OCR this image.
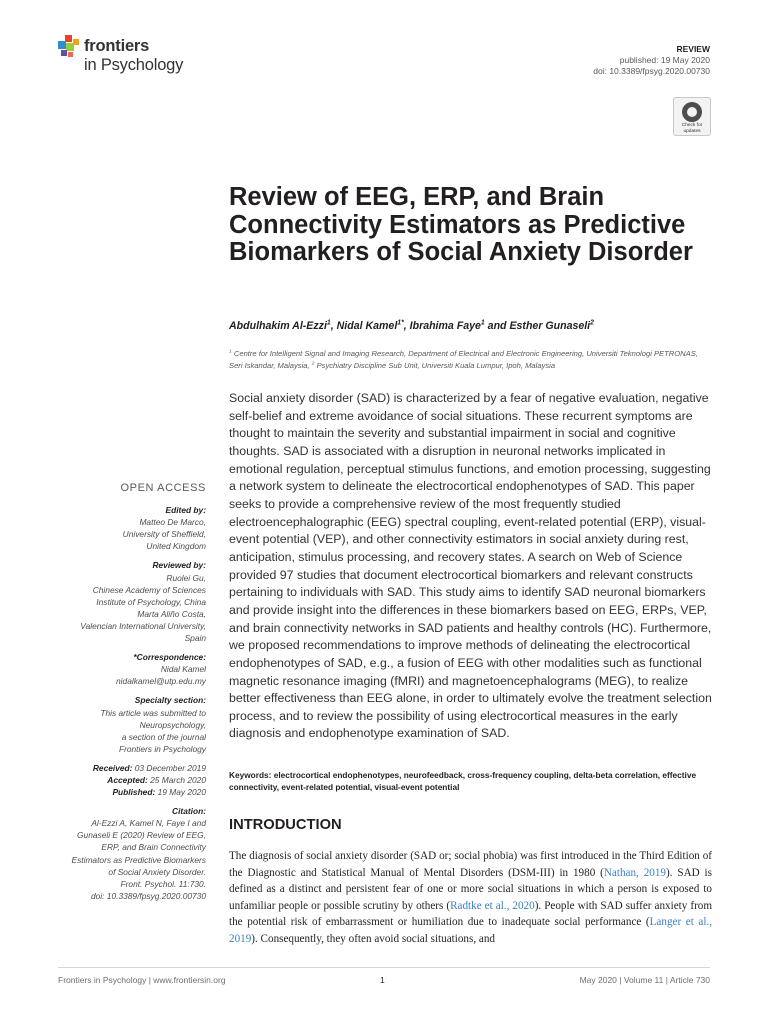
frontiers
in Psychology
REVIEW
published: 19 May 2020
doi: 10.3389/fpsyg.2020.00730
Check for updates
Review of EEG, ERP, and Brain Connectivity Estimators as Predictive Biomarkers of Social Anxiety Disorder
Abdulhakim Al-Ezzi$^1$, Nidal Kamel$^{1*}$, Ibrahima Faye$^1$ and Esther Gunaseli$^2$
$^1$ Centre for Intelligent Signal and Imaging Research, Department of Electrical and Electronic Engineering, Universiti Teknologi PETRONAS, Seri Iskandar, Malaysia, $^2$ Psychiatry Discipline Sub Unit, Universiti Kuala Lumpur, Ipoh, Malaysia

Social anxiety disorder (SAD) is characterized by a fear of negative evaluation, negative self-belief and extreme avoidance of social situations. These recurrent symptoms are thought to maintain the severity and substantial impairment in social and cognitive thoughts. SAD is associated with a disruption in neuronal networks implicated in emotional regulation, perceptual stimulus functions, and emotion processing, suggesting a network system to delineate the electrocortical endophenotypes of SAD. This paper seeks to provide a comprehensive review of the most frequently studied electroencephalographic (EEG) spectral coupling, event-related potential (ERP), visual-event potential (VEP), and other connectivity estimators in social anxiety during rest, anticipation, stimulus processing, and recovery states. A search on Web of Science provided 97 studies that document electrocortical biomarkers and relevant constructs pertaining to individuals with SAD. This study aims to identify SAD neuronal biomarkers and provide insight into the differences in these biomarkers based on EEG, ERPs, VEP, and brain connectivity networks in SAD patients and healthy controls (HC). Furthermore, we proposed recommendations to improve methods of delineating the electrocortical endophenotypes of SAD, e.g., a fusion of EEG with other modalities such as functional magnetic resonance imaging (fMRI) and magnetoencephalograms (MEG), to realize better effectiveness than EEG alone, in order to ultimately evolve the treatment selection process, and to review the possibility of using electrocortical measures in the early diagnosis and endophenotype examination of SAD.

Keywords: electrocortical endophenotypes, neurofeedback, cross-frequency coupling, delta-beta correlation, effective connectivity, event-related potential, visual-event potential

INTRODUCTION

The diagnosis of social anxiety disorder (SAD or; social phobia) was first introduced in the Third Edition of the Diagnostic and Statistical Manual of Mental Disorders (DSM-III) in 1980 (Nathan, 2019). SAD is defined as a distinct and persistent fear of one or more social situations in which a person is exposed to unfamiliar people or possible scrutiny by others (Radtke et al., 2020). People with SAD suffer anxiety from the potential risk of embarrassment or humiliation due to inadequate social performance (Langer et al., 2019). Consequently, they often avoid social situations, and

OPEN ACCESS
Edited by:
Matteo De Marco,
University of Sheffield,
United Kingdom
Reviewed by:
Ruolei Gu,
Chinese Academy of Sciences
Institute of Psychology, China
Marta Aliño Costa,
Valencian International University,
Spain
*Correspondence:
Nidal Kamel
nidalkamel@utp.edu.my
Specialty section:
This article was submitted to
Neuropsychology,
a section of the journal
Frontiers in Psychology
Received: 03 December 2019
Accepted: 25 March 2020
Published: 19 May 2020
Citation:
Al-Ezzi A, Kamel N, Faye I and
Gunaseli E (2020) Review of EEG,
ERP, and Brain Connectivity
Estimators as Predictive Biomarkers
of Social Anxiety Disorder.
Front. Psychol. 11:730.
doi: 10.3389/fpsyg.2020.00730
Frontiers in Psychology | www.frontiersin.org	1	May 2020 | Volume 11 | Article 730
